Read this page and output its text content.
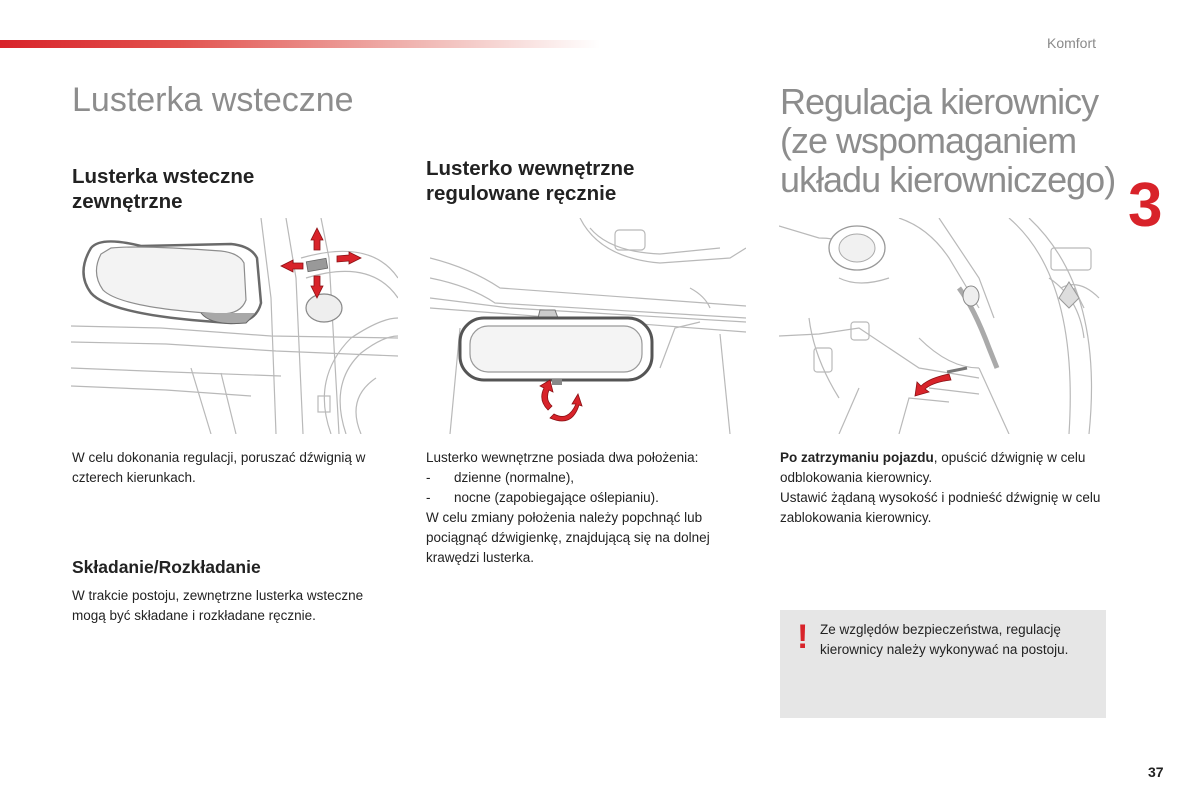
Komfort
3
Lusterka wsteczne
Lusterka wsteczne zewnętrzne
W celu dokonania regulacji, poruszać dźwignią w czterech kierunkach.
Składanie/Rozkładanie
W trakcie postoju, zewnętrzne lusterka wsteczne mogą być składane i rozkładane ręcznie.
Lusterko wewnętrzne regulowane ręcznie

Lusterko wewnętrzne posiada dwa położenia:

-	dzienne (normalne),
-	nocne (zapobiegające oślepianiu).

W celu zmiany położenia należy popchnąć lub pociągnąć dźwigienkę, znajdującą się na dolnej krawędzi lusterka.

Regulacja kierownicy
(ze wspomaganiem
układu kierowniczego)

Po zatrzymaniu pojazdu, opuścić dźwignię w celu odblokowania kierownicy.

Ustawić żądaną wysokość i podnieść dźwignię w celu zablokowania kierownicy.

! Ze względów bezpieczeństwa, regulację kierownicy należy wykonywać na postoju.
37
